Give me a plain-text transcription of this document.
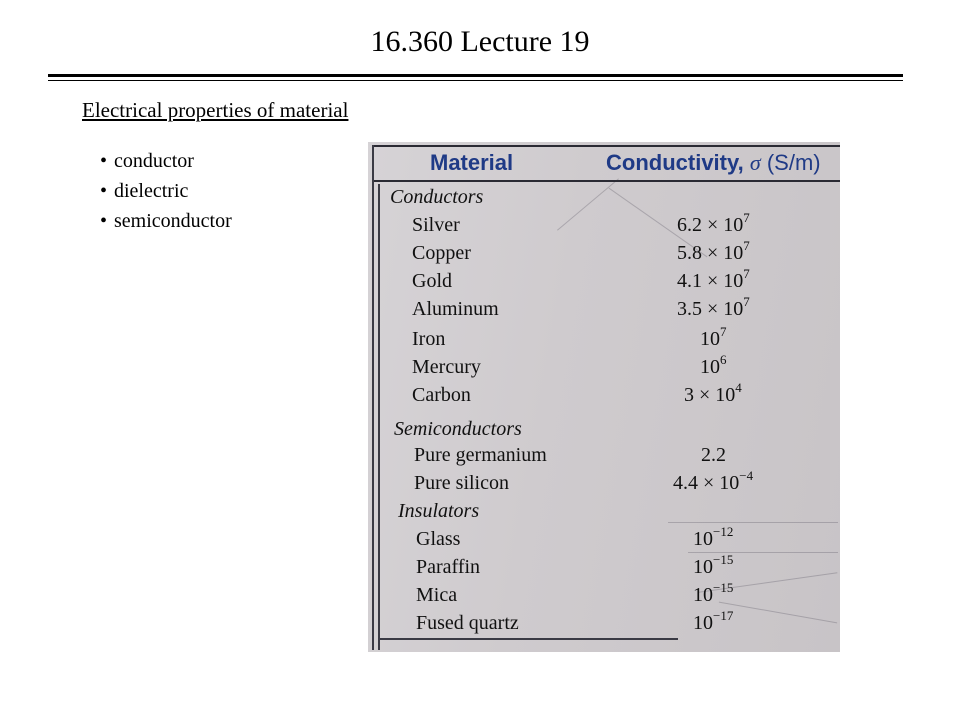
16.360 Lecture 19
Electrical properties of material
• conductor
• dielectric
• semiconductor
Material	Conductivity, σ (S/m)
Conductors
Semiconductors
Insulators
Silver	$6.2 \times 10^7$
Copper	$5.8 \times 10^7$
Gold	$4.1 \times 10^7$
Aluminum	$3.5 \times 10^7$
Iron	$10^7$
Mercury	$10^6$
Carbon	$3 \times 10^4$
Pure germanium	2.2
Pure silicon	$4.4 \times 10^{-4}$
Glass	$10^{-12}$
Paraffin	$10^{-15}$
Mica	$10^{-15}$
Fused quartz	$10^{-17}$
